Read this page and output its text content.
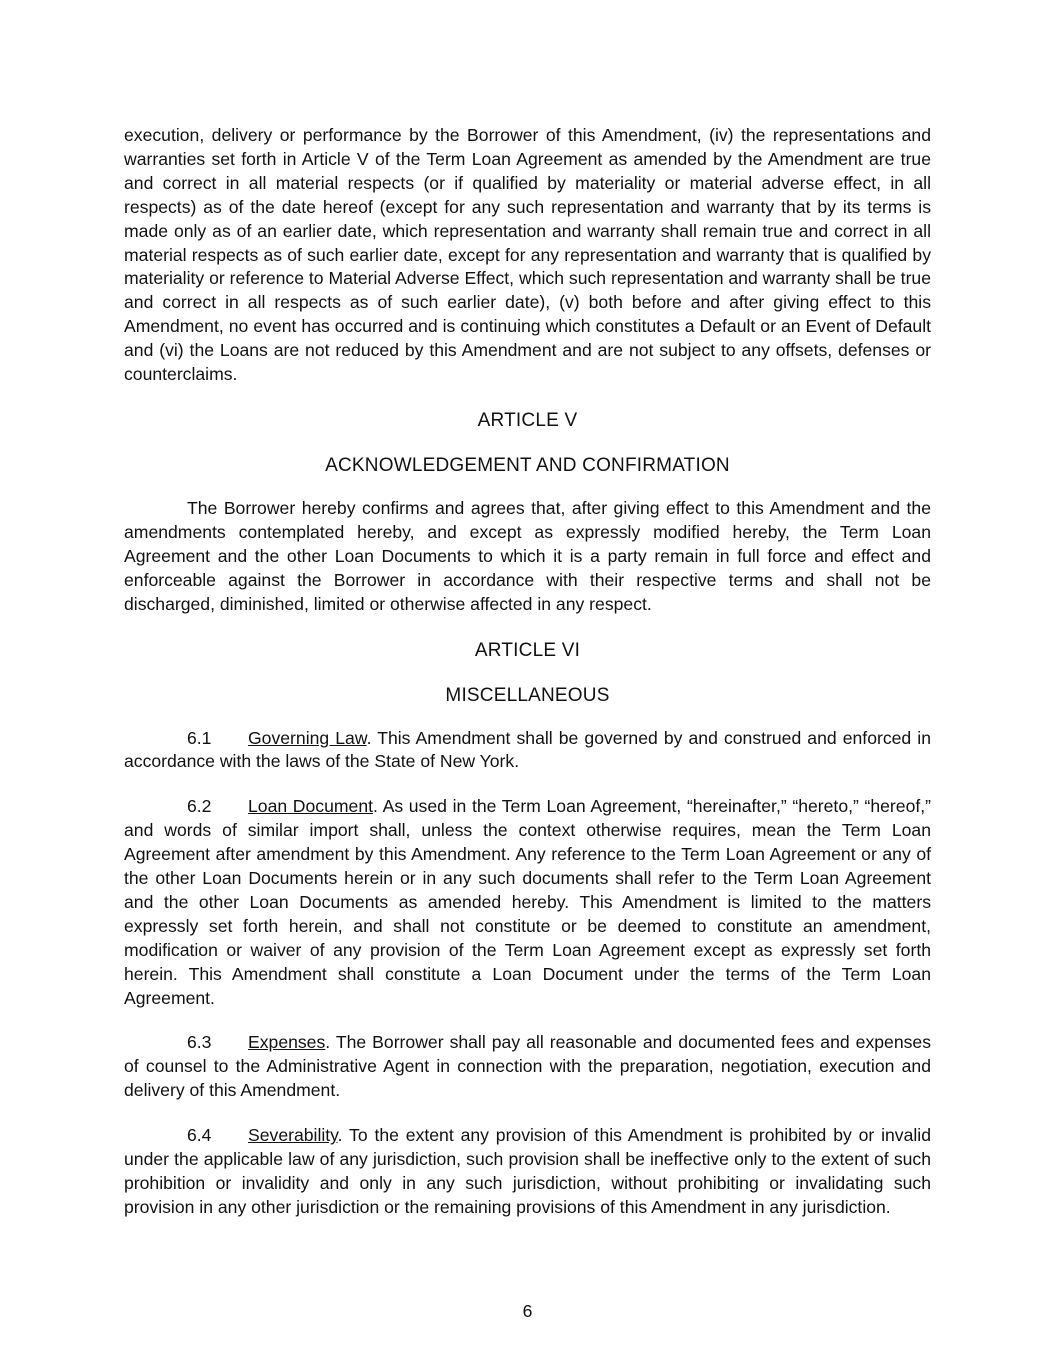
execution, delivery or performance by the Borrower of this Amendment, (iv) the representations and warranties set forth in Article V of the Term Loan Agreement as amended by the Amendment are true and correct in all material respects (or if qualified by materiality or material adverse effect, in all respects) as of the date hereof (except for any such representation and warranty that by its terms is made only as of an earlier date, which representation and warranty shall remain true and correct in all material respects as of such earlier date, except for any representation and warranty that is qualified by materiality or reference to Material Adverse Effect, which such representation and warranty shall be true and correct in all respects as of such earlier date), (v) both before and after giving effect to this Amendment, no event has occurred and is continuing which constitutes a Default or an Event of Default and (vi) the Loans are not reduced by this Amendment and are not subject to any offsets, defenses or counterclaims.

ARTICLE V
ACKNOWLEDGEMENT AND CONFIRMATION

The Borrower hereby confirms and agrees that, after giving effect to this Amendment and the amendments contemplated hereby, and except as expressly modified hereby, the Term Loan Agreement and the other Loan Documents to which it is a party remain in full force and effect and enforceable against the Borrower in accordance with their respective terms and shall not be discharged, diminished, limited or otherwise affected in any respect.

ARTICLE VI
MISCELLANEOUS

6.1 Governing Law. This Amendment shall be governed by and construed and enforced in accordance with the laws of the State of New York.

6.2 Loan Document. As used in the Term Loan Agreement, “hereinafter,” “hereto,” “hereof,” and words of similar import shall, unless the context otherwise requires, mean the Term Loan Agreement after amendment by this Amendment. Any reference to the Term Loan Agreement or any of the other Loan Documents herein or in any such documents shall refer to the Term Loan Agreement and the other Loan Documents as amended hereby. This Amendment is limited to the matters expressly set forth herein, and shall not constitute or be deemed to constitute an amendment, modification or waiver of any provision of the Term Loan Agreement except as expressly set forth herein. This Amendment shall constitute a Loan Document under the terms of the Term Loan Agreement.

6.3 Expenses. The Borrower shall pay all reasonable and documented fees and expenses of counsel to the Administrative Agent in connection with the preparation, negotiation, execution and delivery of this Amendment.

6.4 Severability. To the extent any provision of this Amendment is prohibited by or invalid under the applicable law of any jurisdiction, such provision shall be ineffective only to the extent of such prohibition or invalidity and only in any such jurisdiction, without prohibiting or invalidating such provision in any other jurisdiction or the remaining provisions of this Amendment in any jurisdiction.

6
